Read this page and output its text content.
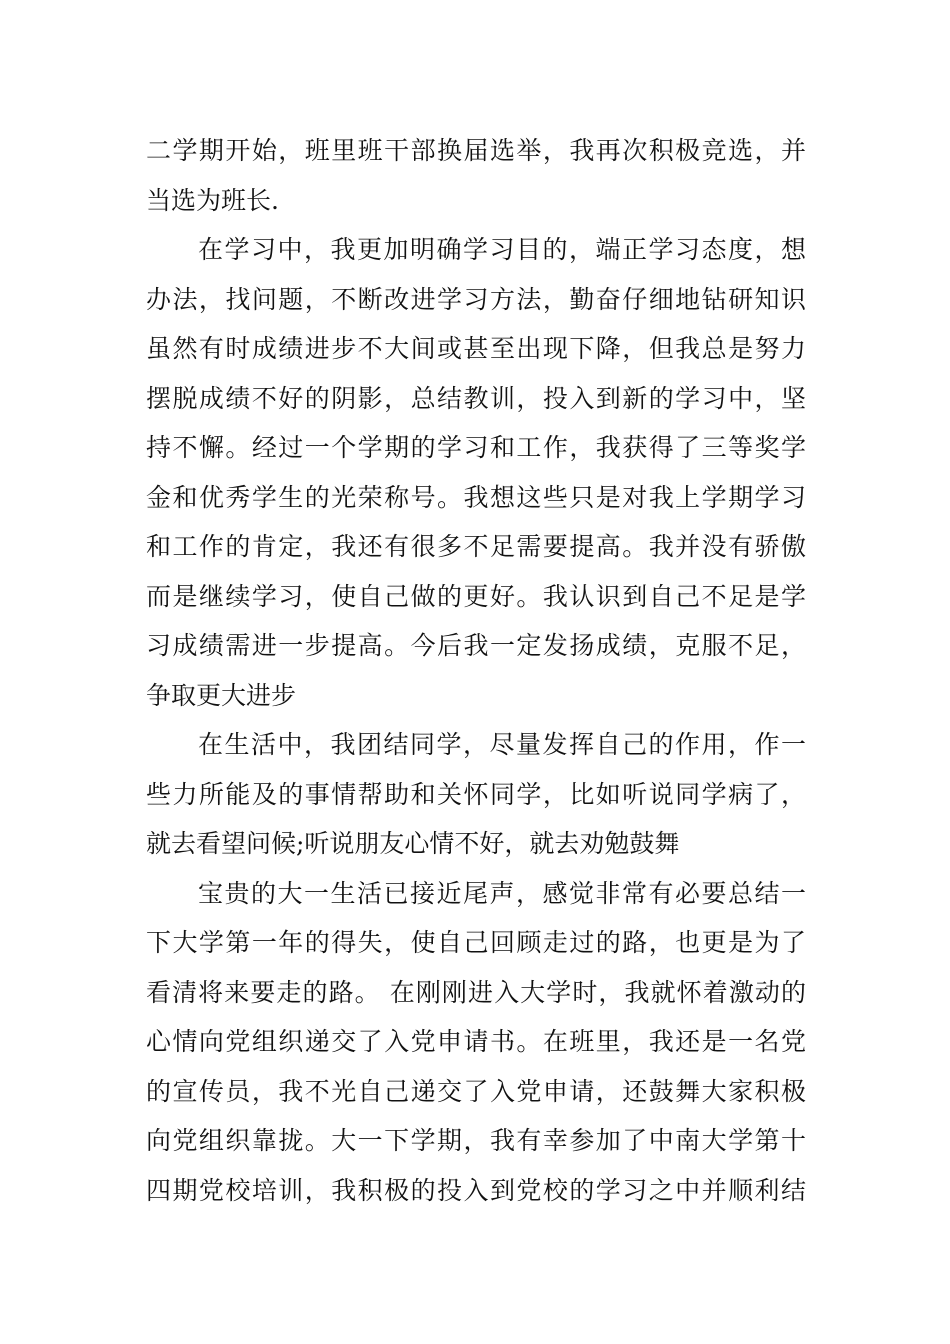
二学期开始，班里班干部换届选举，我再次积极竞选，并
当选为班长.
在学习中，我更加明确学习目的，端正学习态度，想
办法，找问题，不断改进学习方法，勤奋仔细地钻研知识
虽然有时成绩进步不大间或甚至出现下降，但我总是努力
摆脱成绩不好的阴影，总结教训，投入到新的学习中，坚
持不懈。经过一个学期的学习和工作，我获得了三等奖学
金和优秀学生的光荣称号。我想这些只是对我上学期学习
和工作的肯定，我还有很多不足需要提高。我并没有骄傲
而是继续学习，使自己做的更好。我认识到自己不足是学
习成绩需进一步提高。今后我一定发扬成绩，克服不足，
争取更大进步
在生活中，我团结同学，尽量发挥自己的作用，作一
些力所能及的事情帮助和关怀同学，比如听说同学病了，
就去看望问候;听说朋友心情不好，就去劝勉鼓舞
宝贵的大一生活已接近尾声，感觉非常有必要总结一
下大学第一年的得失，使自己回顾走过的路，也更是为了
看清将来要走的路。 在刚刚进入大学时，我就怀着激动的
心情向党组织递交了入党申请书。在班里，我还是一名党
的宣传员，我不光自己递交了入党申请，还鼓舞大家积极
向党组织靠拢。大一下学期，我有幸参加了中南大学第十
四期党校培训，我积极的投入到党校的学习之中并顺利结
